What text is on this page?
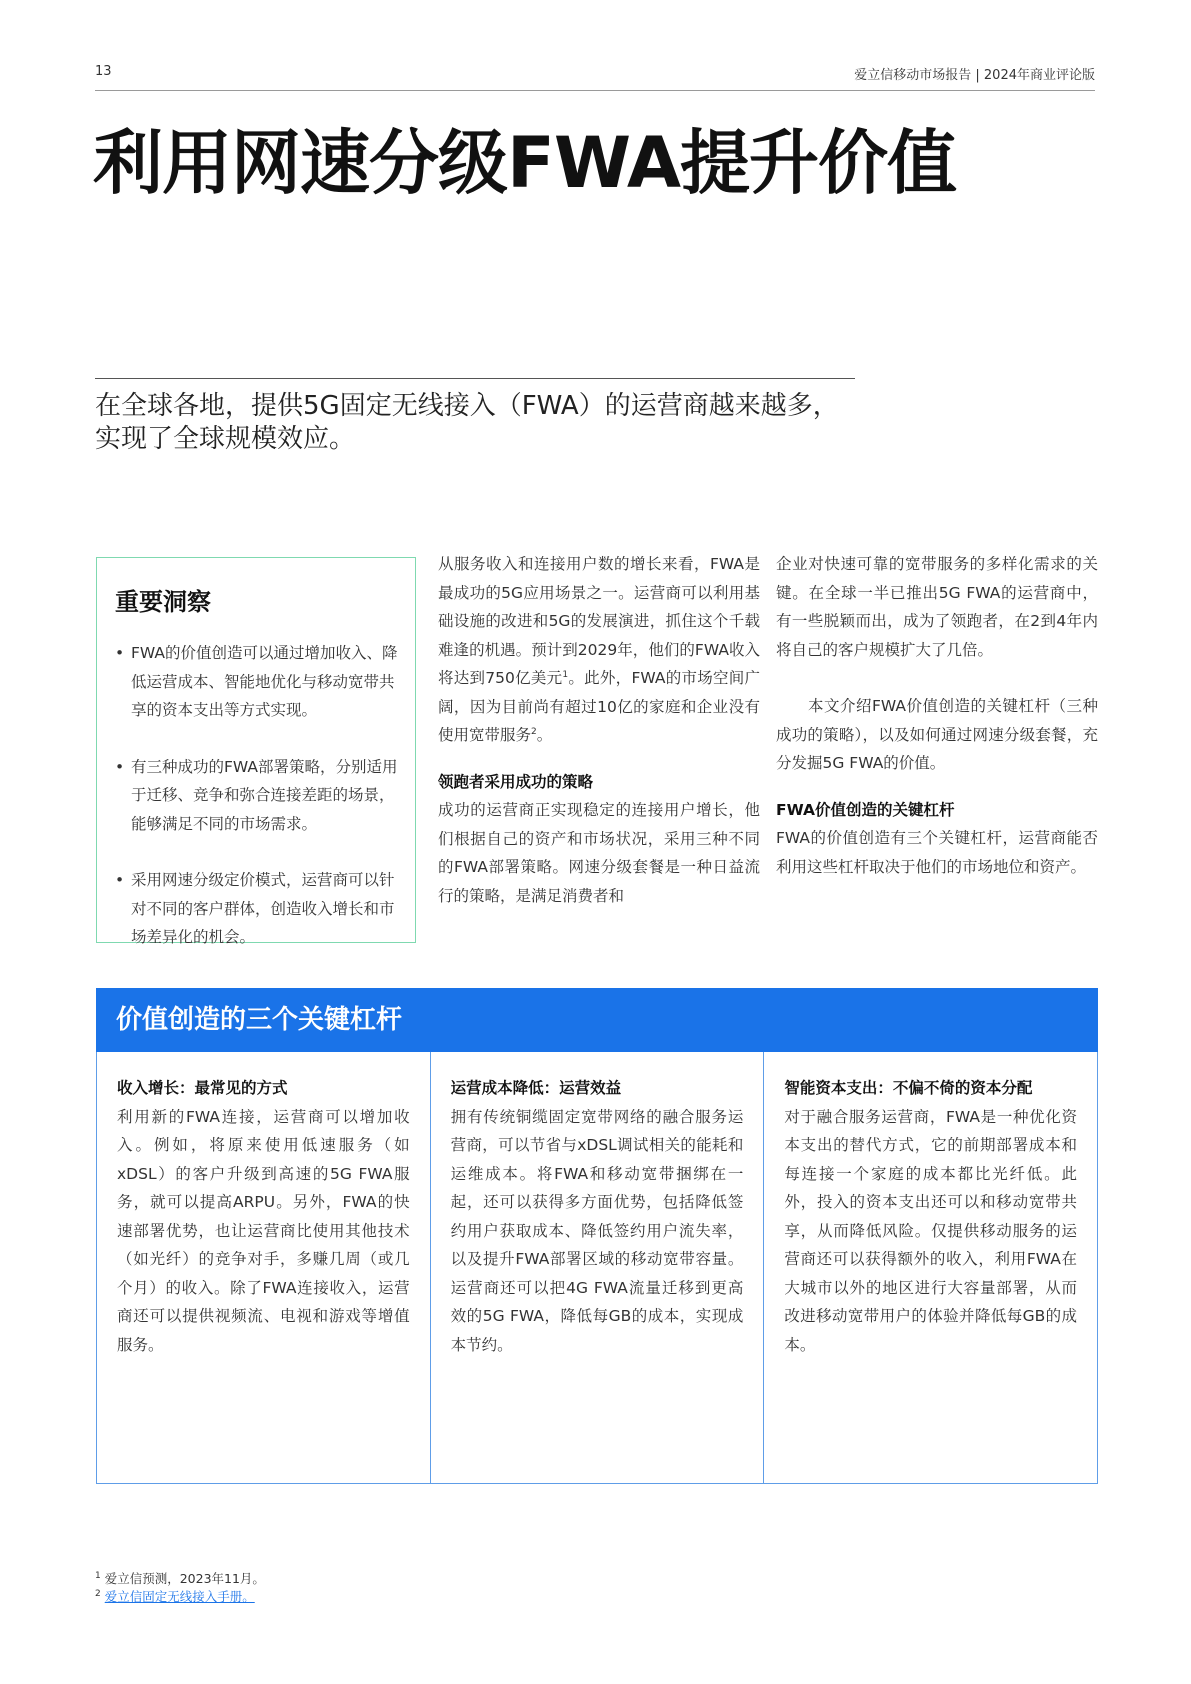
13	爱立信移动市场报告 | 2024年商业评论版
利用网速分级FWA提升价值
在全球各地，提供5G固定无线接入（FWA）的运营商越来越多，
实现了全球规模效应。
重要洞察
• FWA的价值创造可以通过增加收入、降低运营成本、智能地优化与移动宽带共享的资本支出等方式实现。
• 有三种成功的FWA部署策略，分别适用于迁移、竞争和弥合连接差距的场景，能够满足不同的市场需求。
• 采用网速分级定价模式，运营商可以针对不同的客户群体，创造收入增长和市场差异化的机会。

从服务收入和连接用户数的增长来看，FWA是最成功的5G应用场景之一。运营商可以利用基础设施的改进和5G的发展演进，抓住这个千载难逢的机遇。预计到2029年，他们的FWA收入将达到750亿美元$^1$。此外，FWA的市场空间广阔，因为目前尚有超过10亿的家庭和企业没有使用宽带服务$^2$。

领跑者采用成功的策略

成功的运营商正实现稳定的连接用户增长，他们根据自己的资产和市场状况，采用三种不同的FWA部署策略。网速分级套餐是一种日益流行的策略，是满足消费者和

企业对快速可靠的宽带服务的多样化需求的关键。在全球一半已推出5G FWA的运营商中，有一些脱颖而出，成为了领跑者，在2到4年内将自己的客户规模扩大了几倍。

本文介绍FWA价值创造的关键杠杆（三种成功的策略），以及如何通过网速分级套餐，充分发掘5G FWA的价值。

FWA价值创造的关键杠杆

FWA的价值创造有三个关键杠杆，运营商能否利用这些杠杆取决于他们的市场地位和资产。

价值创造的三个关键杠杆
收入增长：最常见的方式

利用新的FWA连接，运营商可以增加收入。例如，将原来使用低速服务（如xDSL）的客户升级到高速的5G FWA服务，就可以提高ARPU。另外，FWA的快速部署优势，也让运营商比使用其他技术（如光纤）的竞争对手，多赚几周（或几个月）的收入。除了FWA连接收入，运营商还可以提供视频流、电视和游戏等增值服务。

运营成本降低：运营效益

拥有传统铜缆固定宽带网络的融合服务运营商，可以节省与xDSL调试相关的能耗和运维成本。将FWA和移动宽带捆绑在一起，还可以获得多方面优势，包括降低签约用户获取成本、降低签约用户流失率，以及提升FWA部署区域的移动宽带容量。运营商还可以把4G FWA流量迁移到更高效的5G FWA，降低每GB的成本，实现成本节约。

智能资本支出：不偏不倚的资本分配

对于融合服务运营商，FWA是一种优化资本支出的替代方式，它的前期部署成本和每连接一个家庭的成本都比光纤低。此外，投入的资本支出还可以和移动宽带共享，从而降低风险。仅提供移动服务的运营商还可以获得额外的收入，利用FWA在大城市以外的地区进行大容量部署，从而改进移动宽带用户的体验并降低每GB的成本。

$^1$ 爱立信预测，2023年11月。
$^2$ 爱立信固定无线接入手册。
